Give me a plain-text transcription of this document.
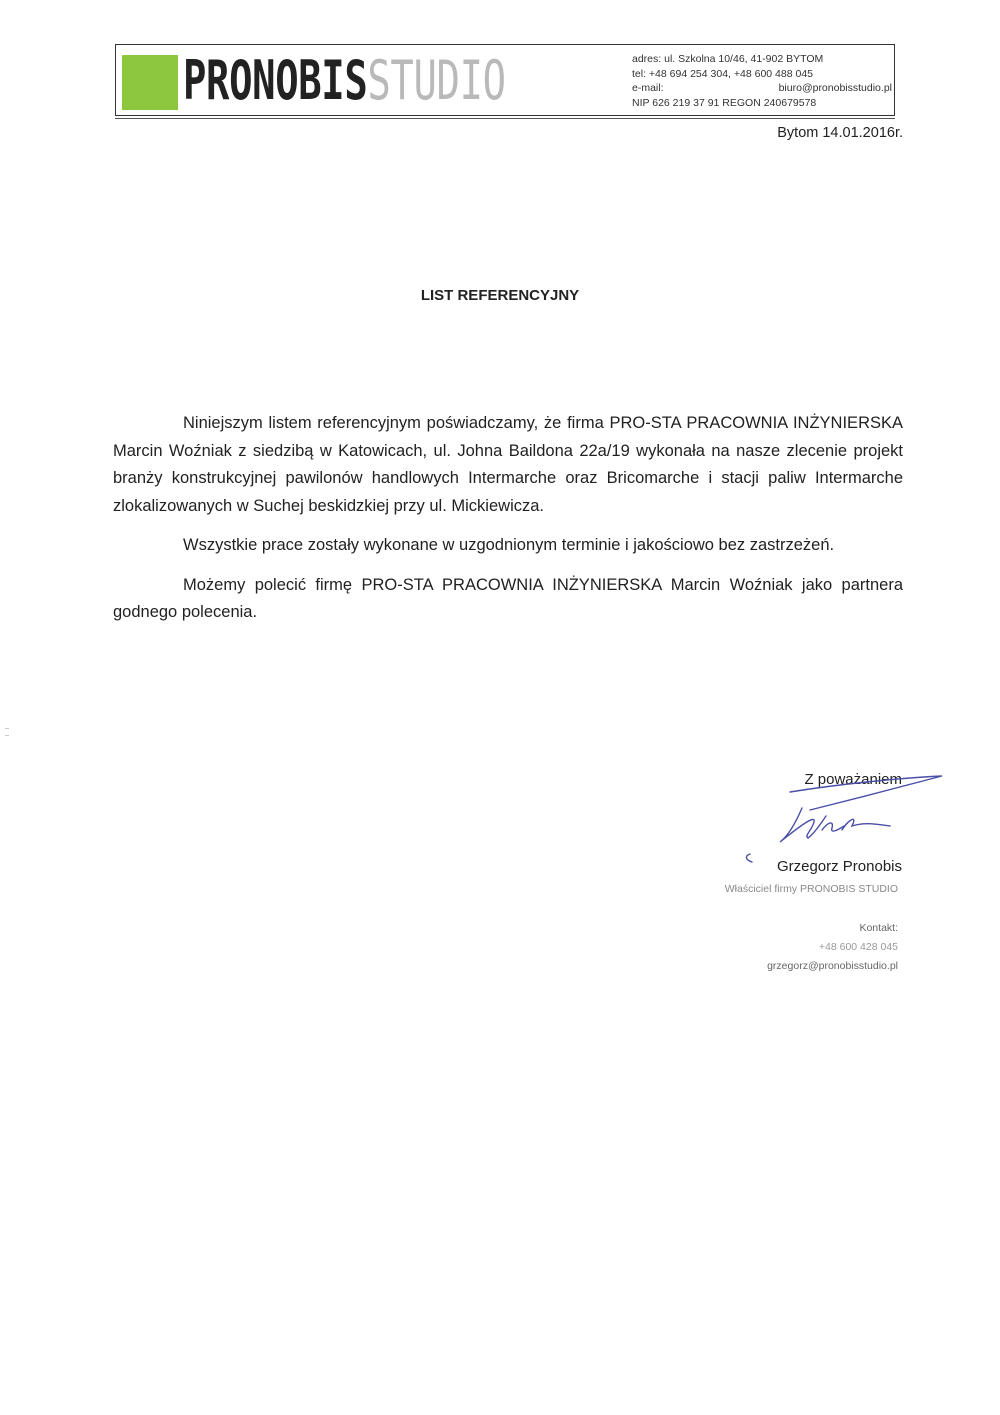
PRONOBISSTUDIO	adres: ul. Szkolna 10/46, 41-902 BYTOM
tel: +48 694 254 304, +48 600 488 045
e-mail:	biuro@pronobisstudio.pl
NIP 626 219 37 91 REGON 240679578
Bytom 14.01.2016r.
LIST REFERENCYJNY

Niniejszym listem referencyjnym poświadczamy, że firma PRO-STA PRACOWNIA INŻYNIERSKA Marcin Woźniak z siedzibą w Katowicach, ul. Johna Baildona 22a/19 wykonała na nasze zlecenie projekt branży konstrukcyjnej pawilonów handlowych Intermarche oraz Bricomarche i stacji paliw Intermarche zlokalizowanych w Suchej beskidzkiej przy ul. Mickiewicza.

Wszystkie prace zostały wykonane w uzgodnionym terminie i jakościowo bez zastrzeżeń.

Możemy polecić firmę PRO-STA PRACOWNIA INŻYNIERSKA Marcin Woźniak jako partnera godnego polecenia.

Z poważaniem
Grzegorz Pronobis
Właściciel firmy PRONOBIS STUDIO
Kontakt:
+48 600 428 045
grzegorz@pronobisstudio.pl
